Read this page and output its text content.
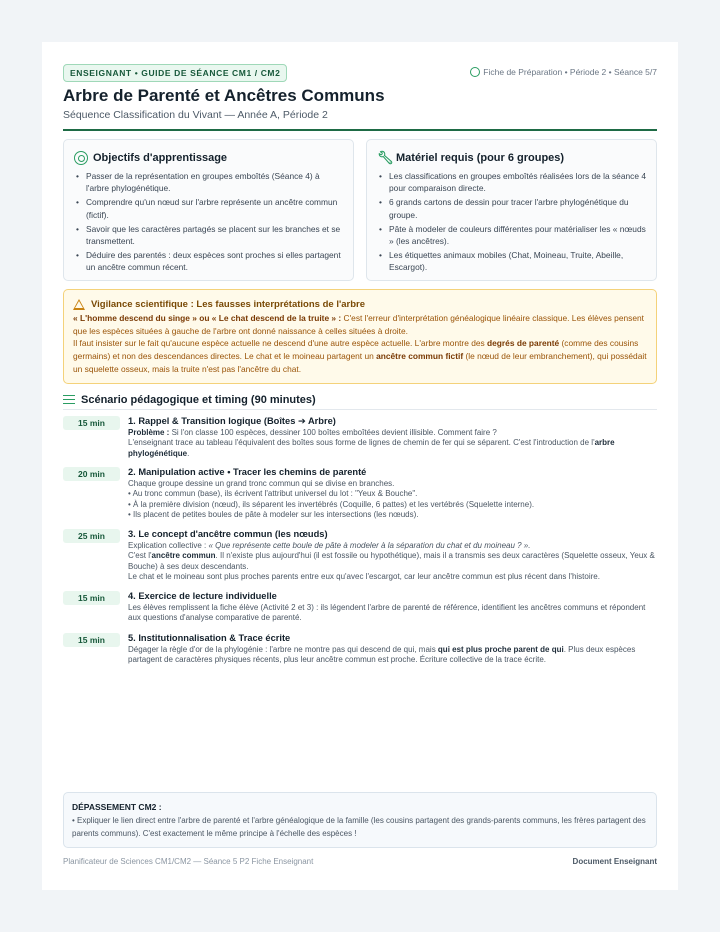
ENSEIGNANT • GUIDE DE SÉANCE CM1 / CM2	Fiche de Préparation • Période 2 • Séance 5/7
Arbre de Parenté et Ancêtres Communs
Séquence Classification du Vivant — Année A, Période 2
Objectifs d'apprentissage
• Passer de la représentation en groupes emboîtés (Séance 4) à l'arbre phylogénétique.
• Comprendre qu'un nœud sur l'arbre représente un ancêtre commun (fictif).
• Savoir que les caractères partagés se placent sur les branches et se transmettent.
• Déduire des parentés : deux espèces sont proches si elles partagent un ancêtre commun récent.
🔧︎ Matériel requis (pour 6 groupes)
• Les classifications en groupes emboîtés réalisées lors de la séance 4 pour comparaison directe.
• 6 grands cartons de dessin pour tracer l'arbre phylogénétique du groupe.
• Pâte à modeler de couleurs différentes pour matérialiser les « nœuds » (les ancêtres).
• Les étiquettes animaux mobiles (Chat, Moineau, Truite, Abeille, Escargot).
Vigilance scientifique : Les fausses interprétations de l'arbre

« L'homme descend du singe » ou « Le chat descend de la truite » : C'est l'erreur d'interprétation généalogique linéaire classique. Les élèves pensent que les espèces situées à gauche de l'arbre ont donné naissance à celles situées à droite.

Il faut insister sur le fait qu'aucune espèce actuelle ne descend d'une autre espèce actuelle. L'arbre montre des degrés de parenté (comme des cousins germains) et non des descendances directes. Le chat et le moineau partagent un ancêtre commun fictif (le nœud de leur embranchement), qui possédait un squelette osseux, mais la truite n'est pas l'ancêtre du chat.

Scénario pédagogique et timing (90 minutes)
15 min	1. Rappel & Transition logique (Boîtes ➔ Arbre)

Problème : Si l'on classe 100 espèces, dessiner 100 boîtes emboîtées devient illisible. Comment faire ?

L'enseignant trace au tableau l'équivalent des boîtes sous forme de lignes de chemin de fer qui se séparent. C'est l'introduction de l'arbre phylogénétique.

20 min	2. Manipulation active • Tracer les chemins de parenté

Chaque groupe dessine un grand tronc commun qui se divise en branches.

• Au tronc commun (base), ils écrivent l'attribut universel du lot : "Yeux & Bouche".

• À la première division (nœud), ils séparent les invertébrés (Coquille, 6 pattes) et les vertébrés (Squelette interne).

• Ils placent de petites boules de pâte à modeler sur les intersections (les nœuds).

25 min	3. Le concept d'ancêtre commun (les nœuds)

Explication collective : « Que représente cette boule de pâte à modeler à la séparation du chat et du moineau ? ».

C'est l'ancêtre commun. Il n'existe plus aujourd'hui (il est fossile ou hypothétique), mais il a transmis ses deux caractères (Squelette osseux, Yeux & Bouche) à ses deux descendants.

Le chat et le moineau sont plus proches parents entre eux qu'avec l'escargot, car leur ancêtre commun est plus récent dans l'histoire.

15 min	4. Exercice de lecture individuelle

Les élèves remplissent la fiche élève (Activité 2 et 3) : ils légendent l'arbre de parenté de référence, identifient les ancêtres communs et répondent aux questions d'analyse comparative de parenté.

15 min	5. Institutionnalisation & Trace écrite

Dégager la règle d'or de la phylogénie : l'arbre ne montre pas qui descend de qui, mais qui est plus proche parent de qui. Plus deux espèces partagent de caractères physiques récents, plus leur ancêtre commun est proche. Écriture collective de la trace écrite.

DÉPASSEMENT CM2 :

• Expliquer le lien direct entre l'arbre de parenté et l'arbre généalogique de la famille (les cousins partagent des grands-parents communs, les frères partagent des parents communs). C'est exactement le même principe à l'échelle des espèces !

Planificateur de Sciences CM1/CM2 — Séance 5 P2 Fiche Enseignant	Document Enseignant
